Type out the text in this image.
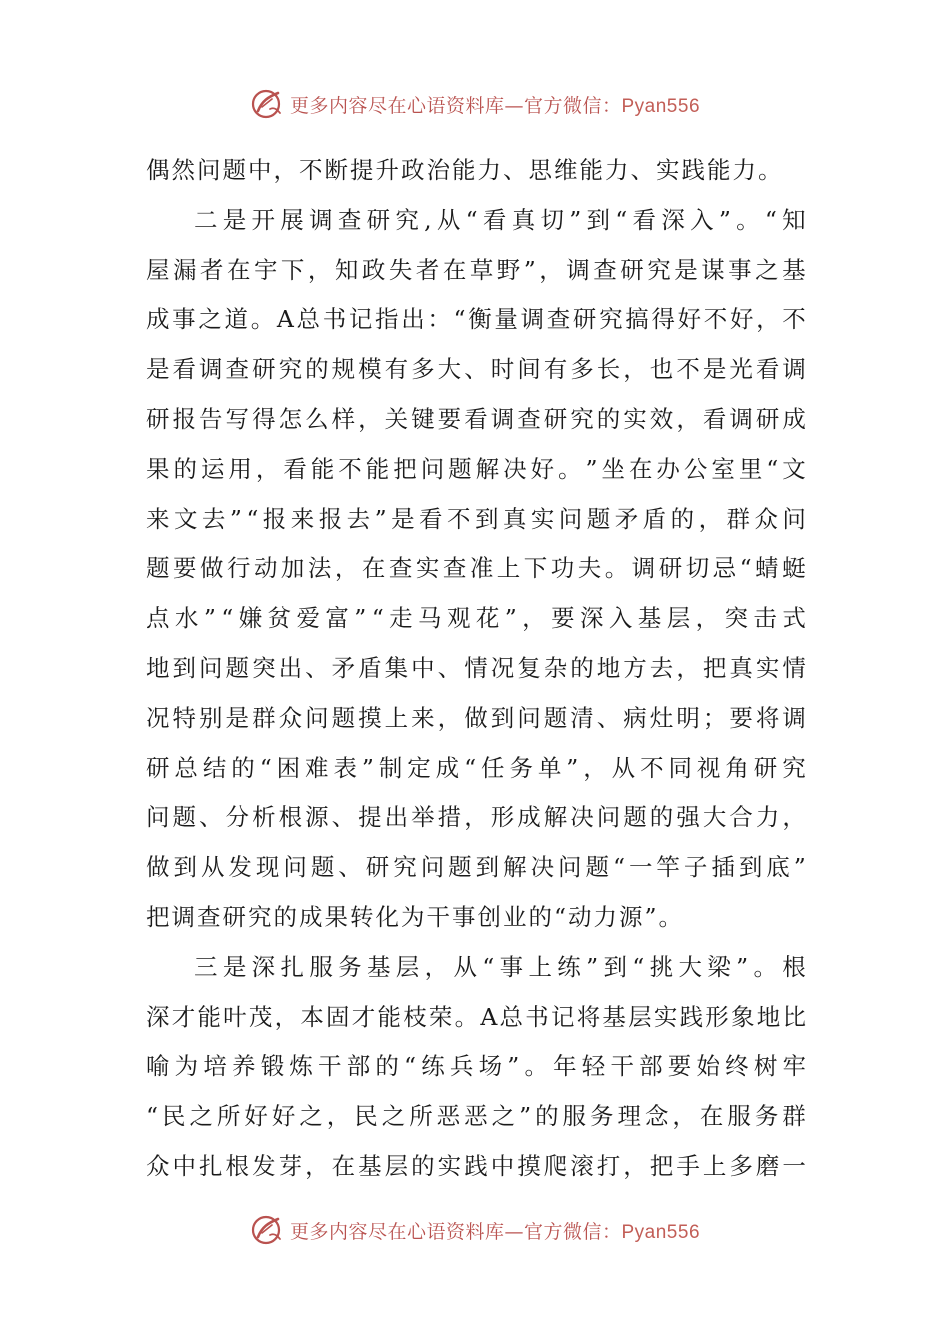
更多内容尽在心语资料库—官方微信：Pyan556
偶然问题中，不断提升政治能力、思维能力、实践能力。
二 是 开 展 调 查 研 究 , 从 “ 看 真 切 ” 到 “ 看 深 入 ” 。 “ 知
屋 漏 者 在 宇 下 ， 知 政 失 者 在 草 野 ” ， 调 查 研 究 是 谋 事 之 基
成 事 之 道 。 A 总 书 记 指 出 ： “ 衡 量 调 查 研 究 搞 得 好 不 好 ， 不
是 看 调 查 研 究 的 规 模 有 多 大 、 时 间 有 多 长 ， 也 不 是 光 看 调
研 报 告 写 得 怎 么 样 ， 关 键 要 看 调 查 研 究 的 实 效 ， 看 调 研 成
果 的 运 用 ， 看 能 不 能 把 问 题 解 决 好 。 ” 坐 在 办 公 室 里 “ 文
来 文 去 ” “ 报 来 报 去 ” 是 看 不 到 真 实 问 题 矛 盾 的 ， 群 众 问
题 要 做 行 动 加 法 ， 在 查 实 查 准 上 下 功 夫 。 调 研 切 忌 “ 蜻 蜓
点 水 ” “ 嫌 贫 爱 富 ” “ 走 马 观 花 ” ， 要 深 入 基 层 ， 突 击 式
地 到 问 题 突 出 、 矛 盾 集 中 、 情 况 复 杂 的 地 方 去 ， 把 真 实 情
况 特 别 是 群 众 问 题 摸 上 来 ， 做 到 问 题 清 、 病 灶 明 ； 要 将 调
研 总 结 的 “ 困 难 表 ” 制 定 成 “ 任 务 单 ” ， 从 不 同 视 角 研 究
问 题 、 分 析 根 源 、 提 出 举 措 ， 形 成 解 决 问 题 的 强 大 合 力 ，
做 到 从 发 现 问 题 、 研 究 问 题 到 解 决 问 题 “ 一 竿 子 插 到 底 ”
把调查研究的成果转化为干事创业的“动力源”。
三 是 深 扎 服 务 基 层 ， 从 “ 事 上 练 ” 到 “ 挑 大 梁 ” 。 根
深 才 能 叶 茂 ， 本 固 才 能 枝 荣 。 A 总 书 记 将 基 层 实 践 形 象 地 比
喻 为 培 养 锻 炼 干 部 的 “ 练 兵 场 ” 。 年 轻 干 部 要 始 终 树 牢
“ 民 之 所 好 好 之 ， 民 之 所 恶 恶 之 ” 的 服 务 理 念 ， 在 服 务 群
众 中 扎 根 发 芽 ， 在 基 层 的 实 践 中 摸 爬 滚 打 ， 把 手 上 多 磨 一
更多内容尽在心语资料库—官方微信：Pyan556
